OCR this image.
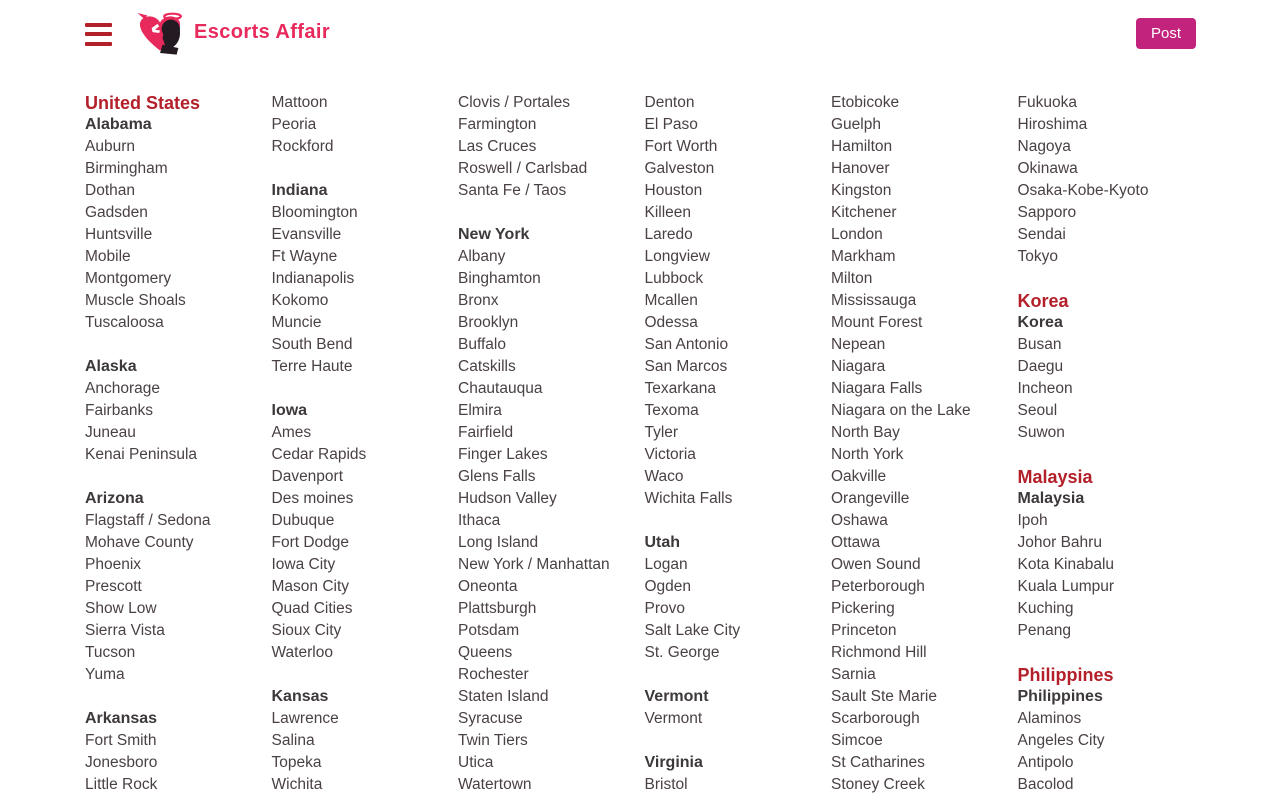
Escorts Affair	Post
United States
Alabama
Auburn
Birmingham
Dothan
Gadsden
Huntsville
Mobile
Montgomery
Muscle Shoals
Tuscaloosa
Alaska
Anchorage
Fairbanks
Juneau
Kenai Peninsula
Arizona
Flagstaff / Sedona
Mohave County
Phoenix
Prescott
Show Low
Sierra Vista
Tucson
Yuma
Arkansas
Fort Smith
Jonesboro
Little Rock
Mattoon
Peoria
Rockford
Indiana
Bloomington
Evansville
Ft Wayne
Indianapolis
Kokomo
Muncie
South Bend
Terre Haute
Iowa
Ames
Cedar Rapids
Davenport
Des moines
Dubuque
Fort Dodge
Iowa City
Mason City
Quad Cities
Sioux City
Waterloo
Kansas
Lawrence
Salina
Topeka
Wichita
Clovis / Portales
Farmington
Las Cruces
Roswell / Carlsbad
Santa Fe / Taos
New York
Albany
Binghamton
Bronx
Brooklyn
Buffalo
Catskills
Chautauqua
Elmira
Fairfield
Finger Lakes
Glens Falls
Hudson Valley
Ithaca
Long Island
New York / Manhattan
Oneonta
Plattsburgh
Potsdam
Queens
Rochester
Staten Island
Syracuse
Twin Tiers
Utica
Watertown
Denton
El Paso
Fort Worth
Galveston
Houston
Killeen
Laredo
Longview
Lubbock
Mcallen
Odessa
San Antonio
San Marcos
Texarkana
Texoma
Tyler
Victoria
Waco
Wichita Falls
Utah
Logan
Ogden
Provo
Salt Lake City
St. George
Vermont
Vermont
Virginia
Bristol
Etobicoke
Guelph
Hamilton
Hanover
Kingston
Kitchener
London
Markham
Milton
Mississauga
Mount Forest
Nepean
Niagara
Niagara Falls
Niagara on the Lake
North Bay
North York
Oakville
Orangeville
Oshawa
Ottawa
Owen Sound
Peterborough
Pickering
Princeton
Richmond Hill
Sarnia
Sault Ste Marie
Scarborough
Simcoe
St Catharines
Stoney Creek
Fukuoka
Hiroshima
Nagoya
Okinawa
Osaka-Kobe-Kyoto
Sapporo
Sendai
Tokyo
Korea
Korea
Busan
Daegu
Incheon
Seoul
Suwon
Malaysia
Malaysia
Ipoh
Johor Bahru
Kota Kinabalu
Kuala Lumpur
Kuching
Penang
Philippines
Philippines
Alaminos
Angeles City
Antipolo
Bacolod
